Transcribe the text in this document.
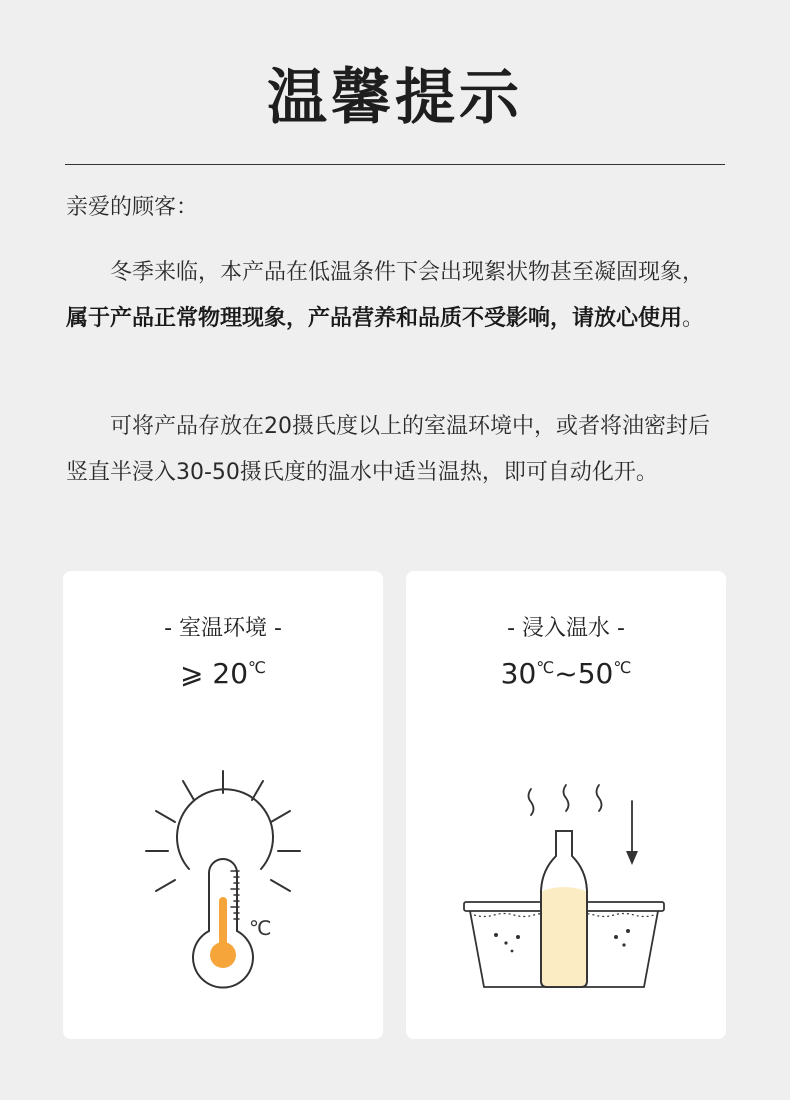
温馨提示
亲爱的顾客：

冬季来临，本产品在低温条件下会出现絮状物甚至凝固现象，属于产品正常物理现象，产品营养和品质不受影响，请放心使用。

可将产品存放在20摄氏度以上的室温环境中，或者将油密封后竖直半浸入30-50摄氏度的温水中适当温热，即可自动化开。

- 室温环境 -
⩾ 20℃
℃
- 浸入温水 -
30℃~50℃
